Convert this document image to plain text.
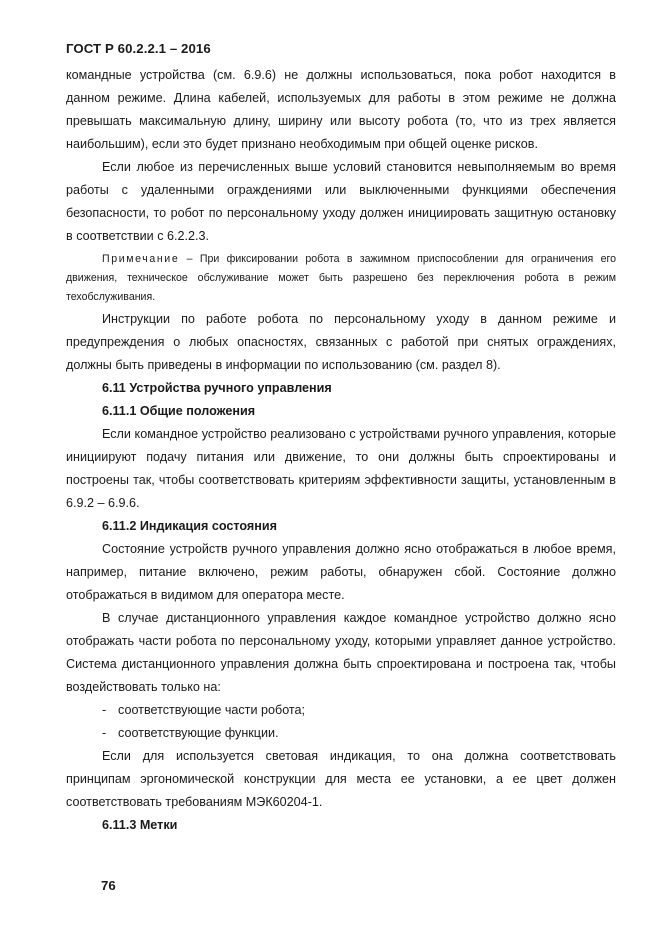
ГОСТ Р 60.2.2.1 – 2016

командные устройства (см. 6.9.6) не должны использоваться, пока робот находится в данном режиме. Длина кабелей, используемых для работы в этом режиме не должна превышать максимальную длину, ширину или высоту робота (то, что из трех является наибольшим), если это будет признано необходимым при общей оценке рисков.

Если любое из перечисленных выше условий становится невыполняемым во время работы с удаленными ограждениями или выключенными функциями обеспечения безопасности, то робот по персональному уходу должен инициировать защитную остановку в соответствии с 6.2.2.3.

Примечание – При фиксировании робота в зажимном приспособлении для ограничения его движения, техническое обслуживание может быть разрешено без переключения робота в режим техобслуживания.

Инструкции по работе робота по персональному уходу в данном режиме и предупреждения о любых опасностях, связанных с работой при снятых ограждениях, должны быть приведены в информации по использованию (см. раздел 8).

6.11 Устройства ручного управления

6.11.1 Общие положения

Если командное устройство реализовано с устройствами ручного управления, которые инициируют подачу питания или движение, то они должны быть спроектированы и построены так, чтобы соответствовать критериям эффективности защиты, установленным в 6.9.2 – 6.9.6.

6.11.2 Индикация состояния

Состояние устройств ручного управления должно ясно отображаться в любое время, например, питание включено, режим работы, обнаружен сбой. Состояние должно отображаться в видимом для оператора месте.

В случае дистанционного управления каждое командное устройство должно ясно отображать части робота по персональному уходу, которыми управляет данное устройство. Система дистанционного управления должна быть спроектирована и построена так, чтобы воздействовать только на:

- соответствующие части робота;

- соответствующие функции.

Если для используется световая индикация, то она должна соответствовать принципам эргономической конструкции для места ее установки, а ее цвет должен соответствовать требованиям МЭК60204-1.

6.11.3 Метки

76
